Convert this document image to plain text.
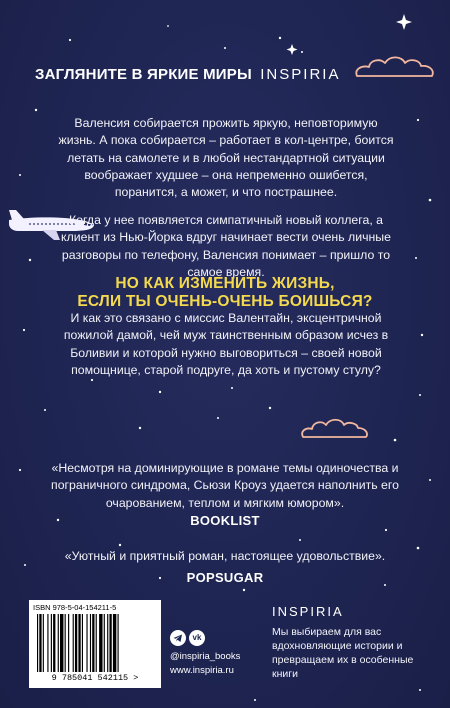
ЗАГЛЯНИТЕ В ЯРКИЕ МИРЫ INSPIRIA
Валенсия собирается прожить яркую, неповторимую жизнь. А пока собирается – работает в кол-центре, боится летать на самолете и в любой нестандартной ситуации воображает худшее – она непременно ошибется, поранится, а может, и что пострашнее.
Когда у нее появляется симпатичный новый коллега, а клиент из Нью-Йорка вдруг начинает вести очень личные разговоры по телефону, Валенсия понимает – пришло то самое время.
НО КАК ИЗМЕНИТЬ ЖИЗНЬ,
ЕСЛИ ТЫ ОЧЕНЬ-ОЧЕНЬ БОИШЬСЯ?
И как это связано с миссис Валентайн, эксцентричной пожилой дамой, чей муж таинственным образом исчез в Боливии и которой нужно выговориться – своей новой помощнице, старой подруге, да хоть и пустому стулу?
«Несмотря на доминирующие в романе темы одиночества и пограничного синдрома, Сьюзи Кроуз удается наполнить его очарованием, теплом и мягким юмором».
BOOKLIST
«Уютный и приятный роман, настоящее удовольствие».
POPSUGAR
ISBN 978-5-04-154211-5
9 785041 542115 >
vk
@inspiria_books
www.inspiria.ru
INSPIRIA
Мы выбираем для вас вдохновляющие истории и превращаем их в особенные книги
